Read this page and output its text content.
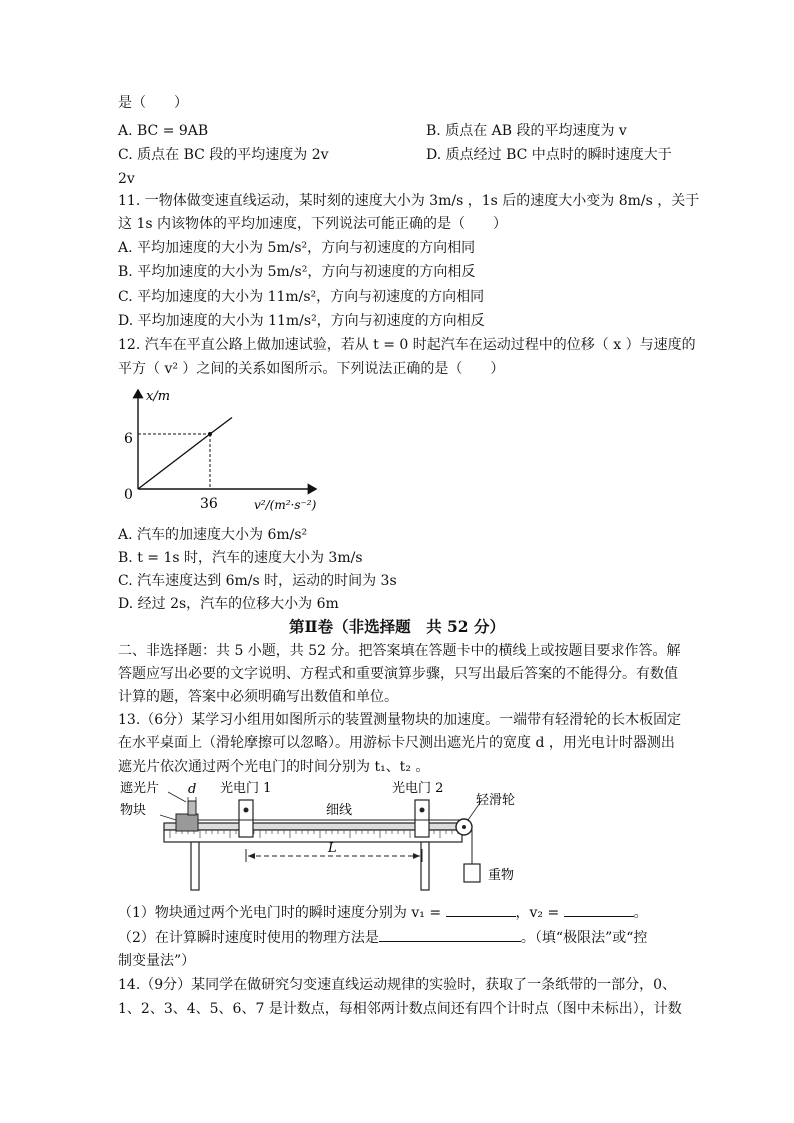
是（　　）
A. BC = 9AB	B. 质点在 AB 段的平均速度为 v
C. 质点在 BC 段的平均速度为 2v	D. 质点经过 BC 中点时的瞬时速度大于
2v
11. 一物体做变速直线运动，某时刻的速度大小为 3m/s ，1s 后的速度大小变为 8m/s ，关于
这 1s 内该物体的平均加速度，下列说法可能正确的是（　　）
A. 平均加速度的大小为 5m/s²，方向与初速度的方向相同
B. 平均加速度的大小为 5m/s²，方向与初速度的方向相反
C. 平均加速度的大小为 11m/s²，方向与初速度的方向相同
D. 平均加速度的大小为 11m/s²，方向与初速度的方向相反
12. 汽车在平直公路上做加速试验，若从 t = 0 时起汽车在运动过程中的位移（ x ）与速度的
平方（ v² ）之间的关系如图所示。下列说法正确的是（　　）
x/m
0
6
36	v²/(m²·s⁻²)
A. 汽车的加速度大小为 6m/s²
B. t = 1s 时，汽车的速度大小为 3m/s
C. 汽车速度达到 6m/s 时，运动的时间为 3s
D. 经过 2s，汽车的位移大小为 6m
第Ⅱ卷（非选择题　共 52 分）
二、非选择题：共 5 小题，共 52 分。把答案填在答题卡中的横线上或按题目要求作答。解
答题应写出必要的文字说明、方程式和重要演算步骤，只写出最后答案的不能得分。有数值
计算的题，答案中必须明确写出数值和单位。
13.（6分）某学习小组用如图所示的装置测量物块的加速度。一端带有轻滑轮的长木板固定
在水平桌面上（滑轮摩擦可以忽略）。用游标卡尺测出遮光片的宽度 d ，用光电计时器测出
遮光片依次通过两个光电门的时间分别为 t₁、t₂ 。
遮光片 d
物块
光电门 1	光电门 2
细线
轻滑轮
L
重物
（1）物块通过两个光电门时的瞬时速度分别为 v₁ =	，v₂ =	。
（2）在计算瞬时速度时使用的物理方法是	。（填“极限法”或“控
制变量法”）
14.（9分）某同学在做研究匀变速直线运动规律的实验时，获取了一条纸带的一部分，0、
1、2、3、4、5、6、7 是计数点，每相邻两计数点间还有四个计时点（图中未标出），计数
